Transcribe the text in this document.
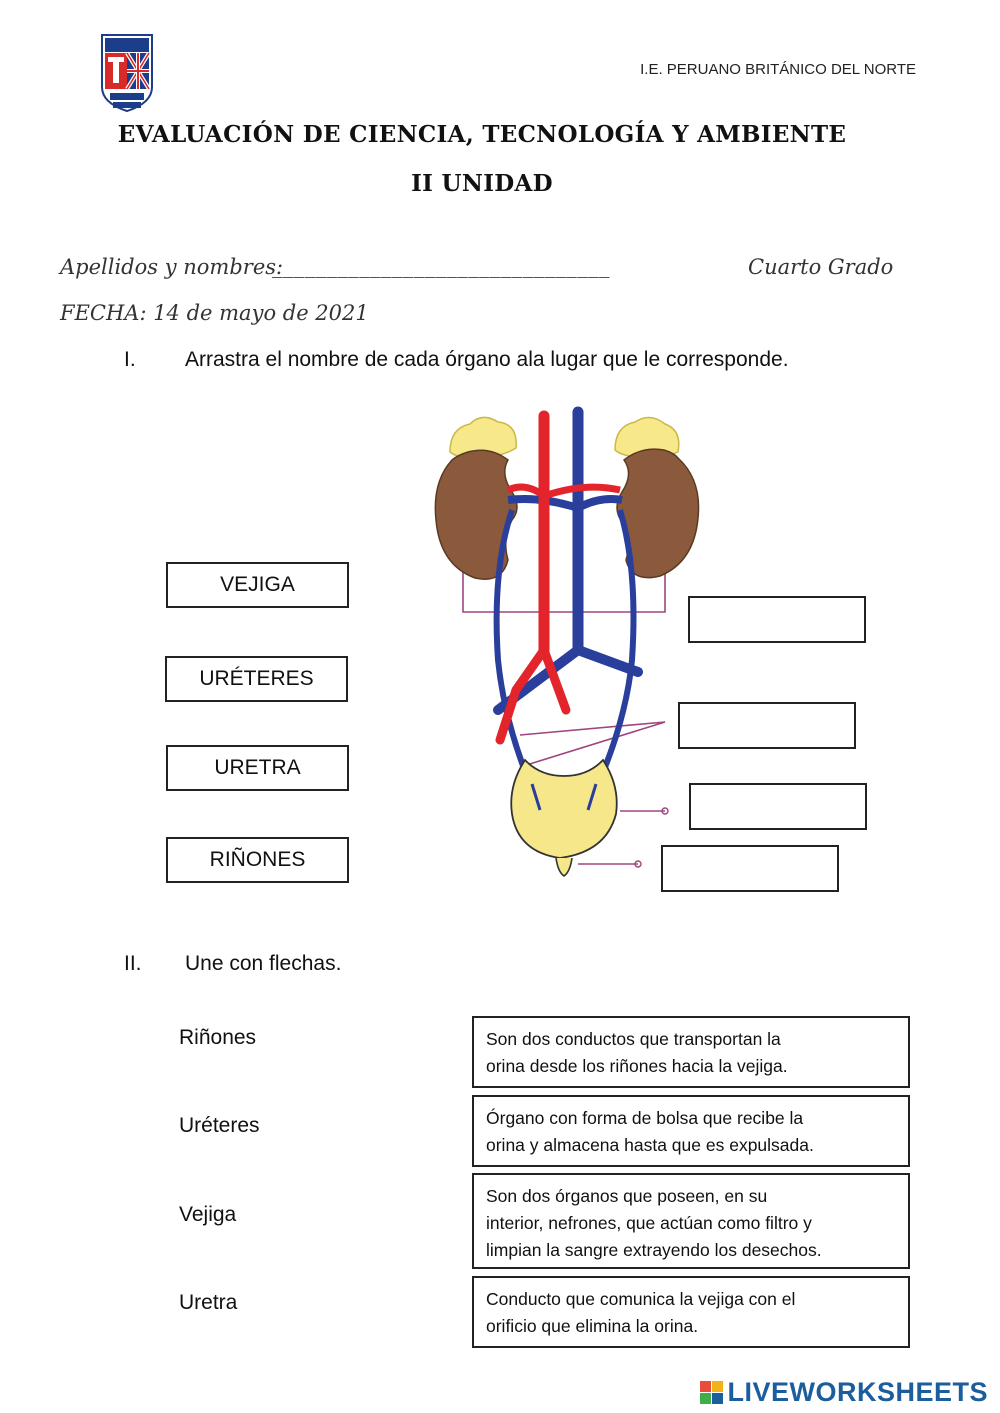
I.E. PERUANO BRITÁNICO DEL NORTE
EVALUACIÓN DE CIENCIA, TECNOLOGÍA Y AMBIENTE
II UNIDAD
Apellidos y nombres:
_______________________________	Cuarto Grado
FECHA: 14 de mayo de 2021
I. Arrastra el nombre de cada órgano ala lugar que le corresponde.
VEJIGA
URÉTERES
URETRA
RIÑONES
II. Une con flechas.
Riñones
Uréteres
Vejiga
Uretra
Son dos conductos que transportan la
orina desde los riñones hacia la vejiga.
Órgano con forma de bolsa que recibe la
orina y almacena hasta que es expulsada.
Son dos órganos que poseen, en su
interior, nefrones, que actúan como filtro y
limpian la sangre extrayendo los desechos.
Conducto que comunica la vejiga con el
orificio que elimina la orina.
LIVEWORKSHEETS
